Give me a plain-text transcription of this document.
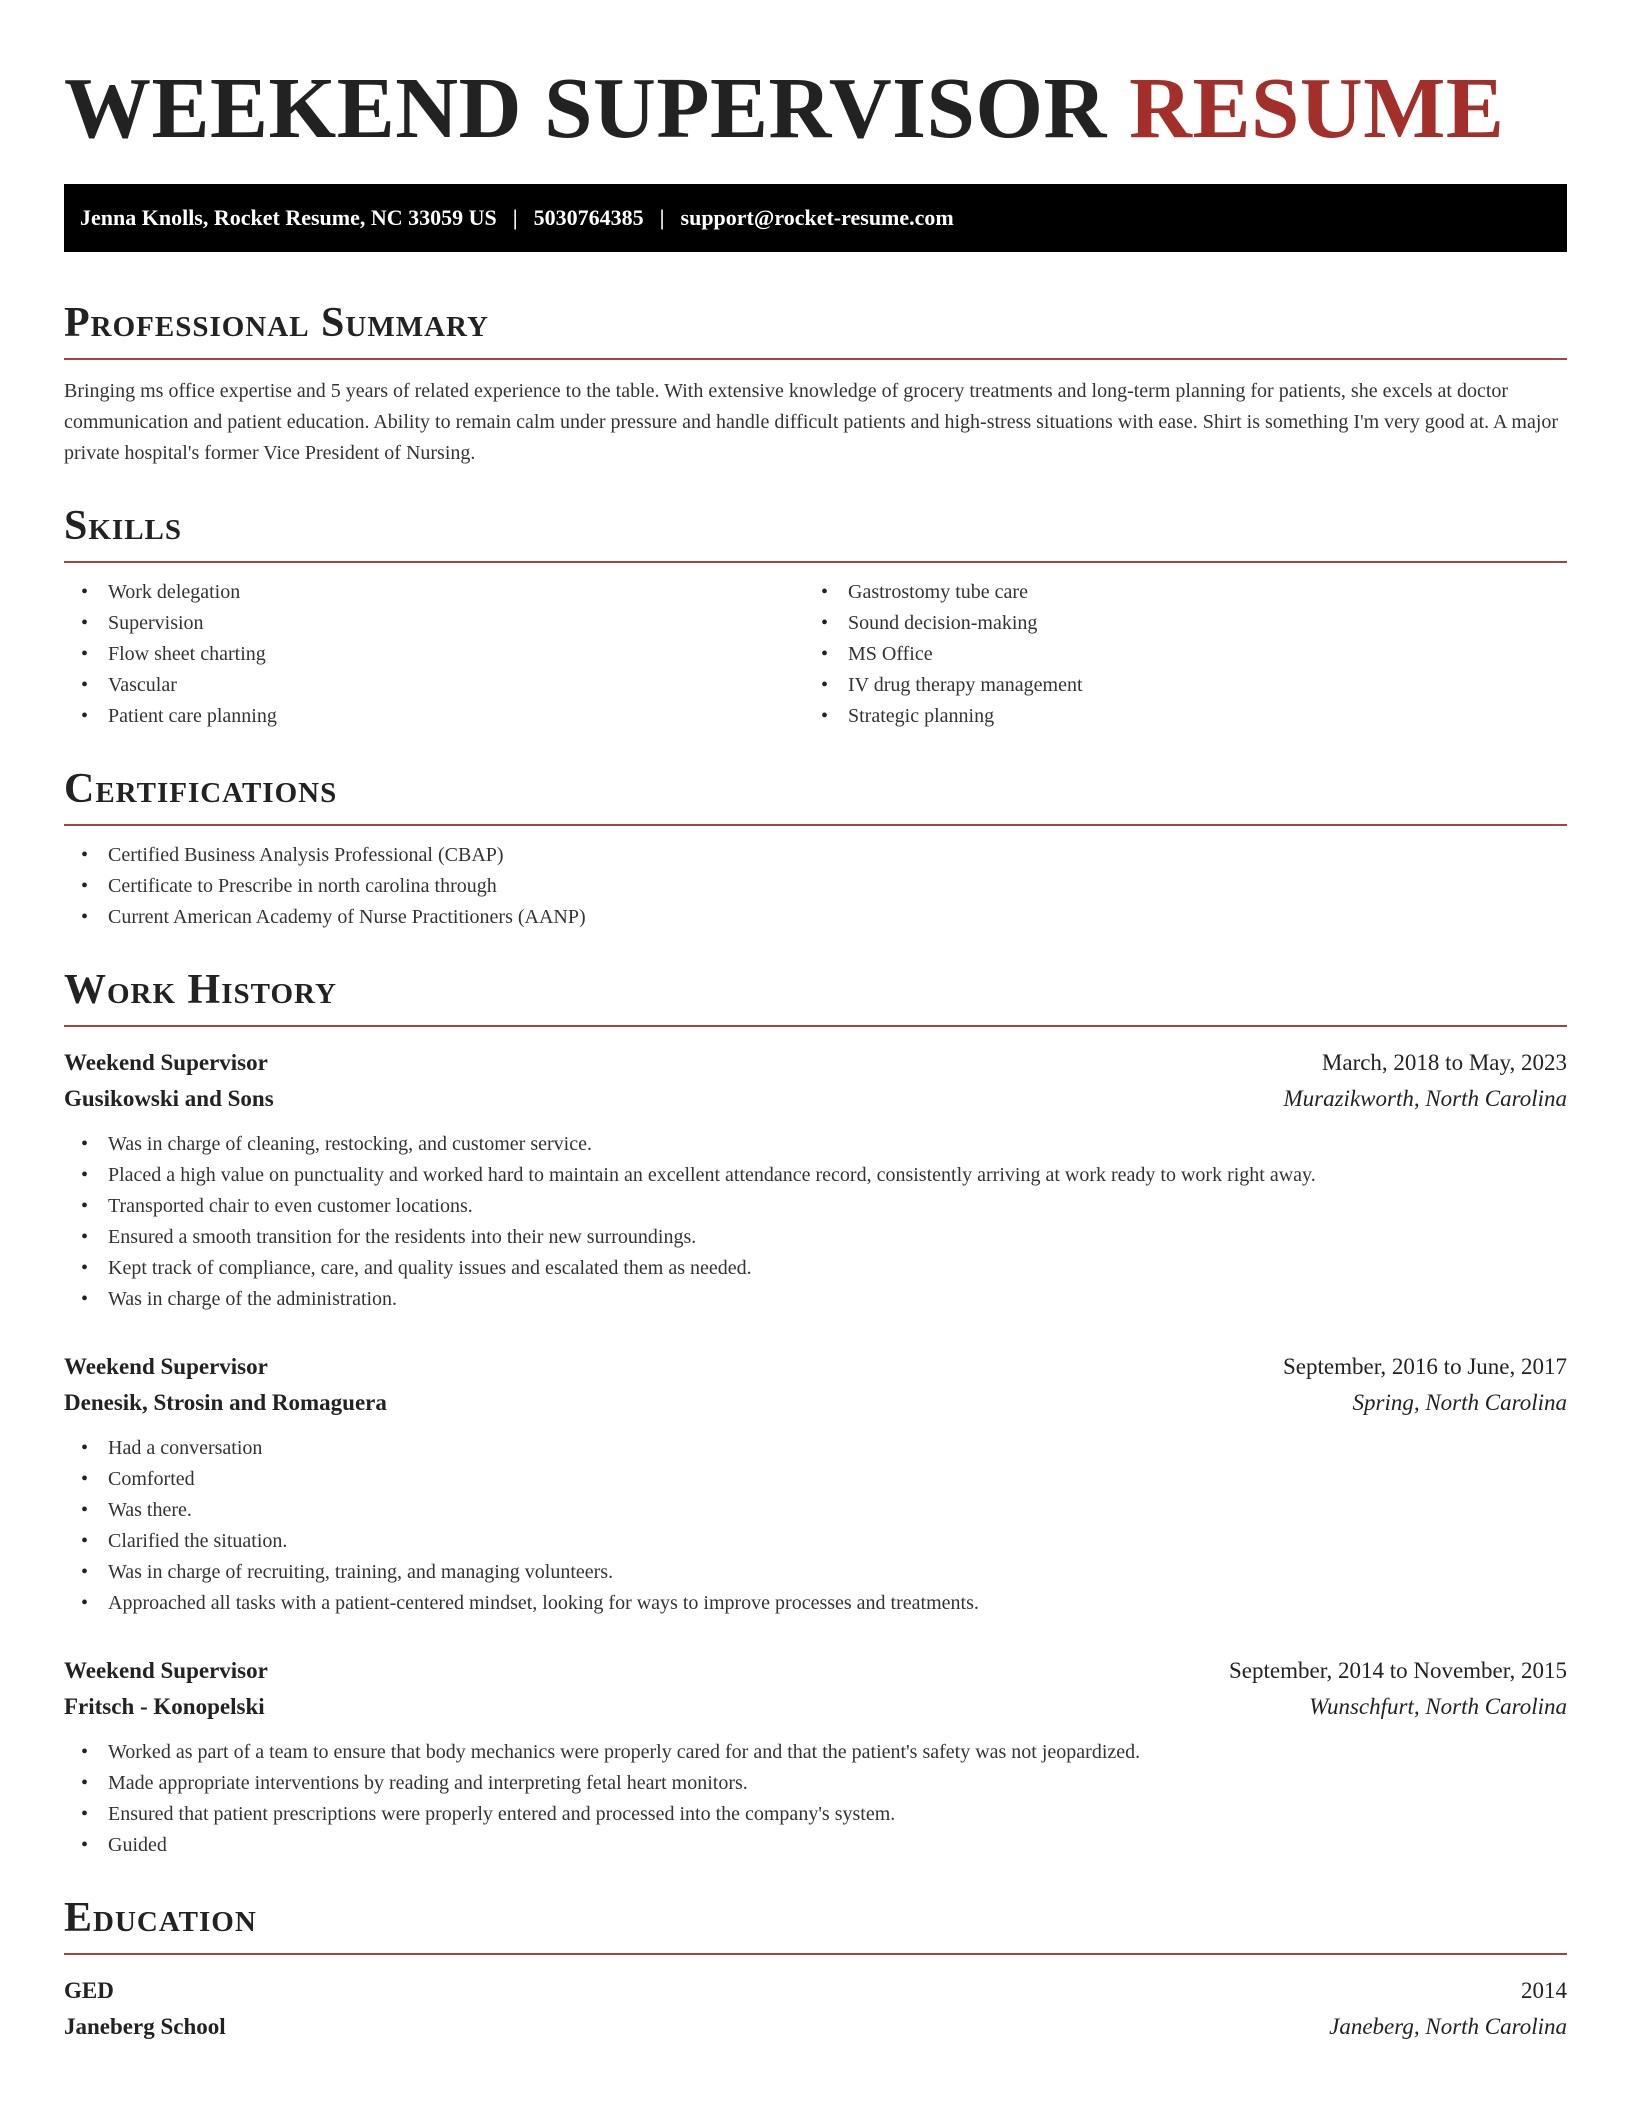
WEEKEND SUPERVISOR RESUME
Jenna Knolls, Rocket Resume, NC 33059 US | 5030764385 | support@rocket-resume.com
Professional Summary

Bringing ms office expertise and 5 years of related experience to the table. With extensive knowledge of grocery treatments and long-term planning for patients, she excels at doctor communication and patient education. Ability to remain calm under pressure and handle difficult patients and high-stress situations with ease. Shirt is something I'm very good at. A major private hospital's former Vice President of Nursing.

Skills
• Work delegation
• Supervision
• Flow sheet charting
• Vascular
• Patient care planning
• Gastrostomy tube care
• Sound decision-making
• MS Office
• IV drug therapy management
• Strategic planning
Certifications
• Certified Business Analysis Professional (CBAP)
• Certificate to Prescribe in north carolina through
• Current American Academy of Nurse Practitioners (AANP)
Work History
Weekend Supervisor	March, 2018 to May, 2023
Gusikowski and Sons	Murazikworth, North Carolina
• Was in charge of cleaning, restocking, and customer service.
• Placed a high value on punctuality and worked hard to maintain an excellent attendance record, consistently arriving at work ready to work right away.
• Transported chair to even customer locations.
• Ensured a smooth transition for the residents into their new surroundings.
• Kept track of compliance, care, and quality issues and escalated them as needed.
• Was in charge of the administration.
Weekend Supervisor	September, 2016 to June, 2017
Denesik, Strosin and Romaguera	Spring, North Carolina
• Had a conversation
• Comforted
• Was there.
• Clarified the situation.
• Was in charge of recruiting, training, and managing volunteers.
• Approached all tasks with a patient-centered mindset, looking for ways to improve processes and treatments.
Weekend Supervisor	September, 2014 to November, 2015
Fritsch - Konopelski	Wunschfurt, North Carolina
• Worked as part of a team to ensure that body mechanics were properly cared for and that the patient's safety was not jeopardized.
• Made appropriate interventions by reading and interpreting fetal heart monitors.
• Ensured that patient prescriptions were properly entered and processed into the company's system.
• Guided
Education
GED	2014
Janeberg School	Janeberg, North Carolina
